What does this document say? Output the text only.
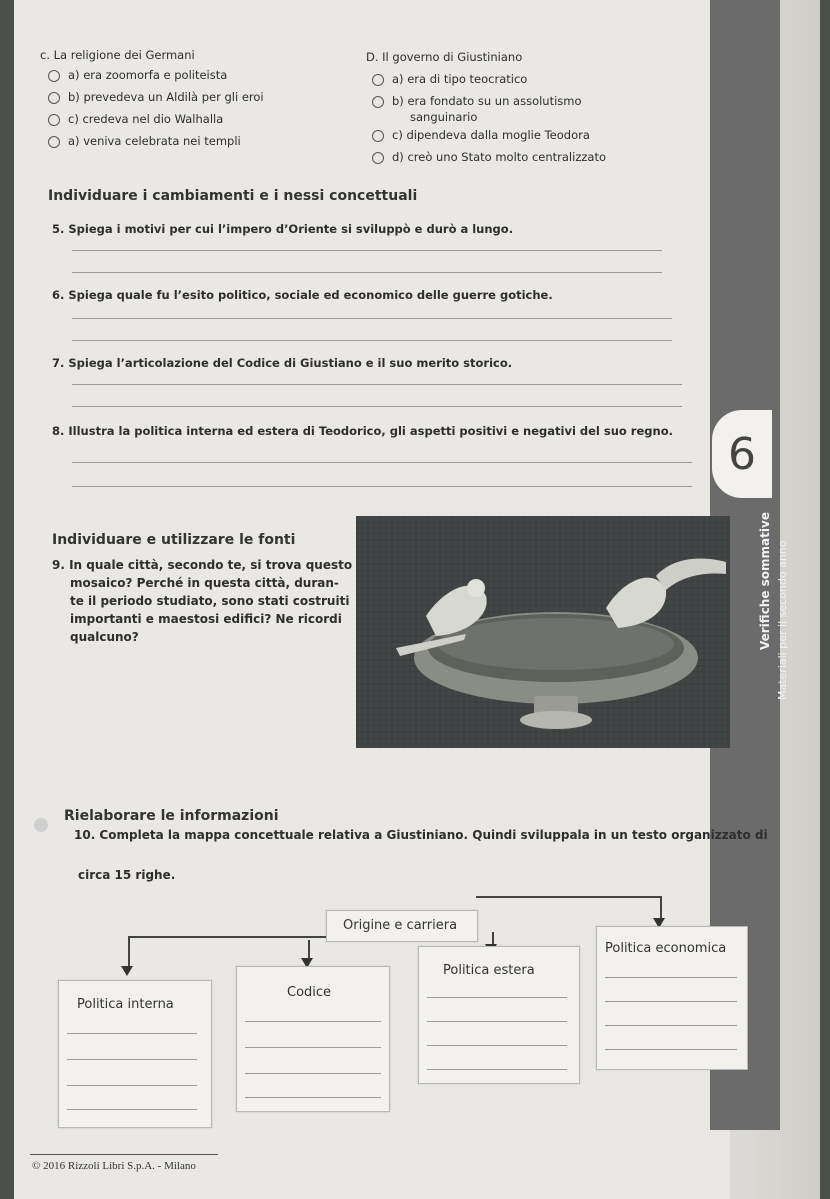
c. La religione dei Germani
a) era zoomorfa e politeista
b) prevedeva un Aldilà per gli eroi
c) credeva nel dio Walhalla
a) veniva celebrata nei templi
D. Il governo di Giustiniano
a) era di tipo teocratico
b) era fondato su un assolutismo
sanguinario
c) dipendeva dalla moglie Teodora
d) creò uno Stato molto centralizzato
Individuare i cambiamenti e i nessi concettuali
5. Spiega i motivi per cui l’impero d’Oriente si sviluppò e durò a lungo.
6. Spiega quale fu l’esito politico, sociale ed economico delle guerre gotiche.
7. Spiega l’articolazione del Codice di Giustiano e il suo merito storico.
8. Illustra la politica interna ed estera di Teodorico, gli aspetti positivi e negativi del suo regno.	6
Verifiche sommative Materiali per il secondo anno
Individuare e utilizzare le fonti
9. In quale città, secondo te, si trova questo
mosaico? Perché in questa città, duran-
te il periodo studiato, sono stati costruiti
importanti e maestosi edifici? Ne ricordi
qualcuno?
Rielaborare le informazioni
10. Completa la mappa concettuale relativa a Giustiniano. Quindi sviluppala in un testo organizzato di
circa 15 righe.
Origine e carriera
Politica interna
Codice
Politica estera
Politica economica
© 2016 Rizzoli Libri S.p.A. - Milano
